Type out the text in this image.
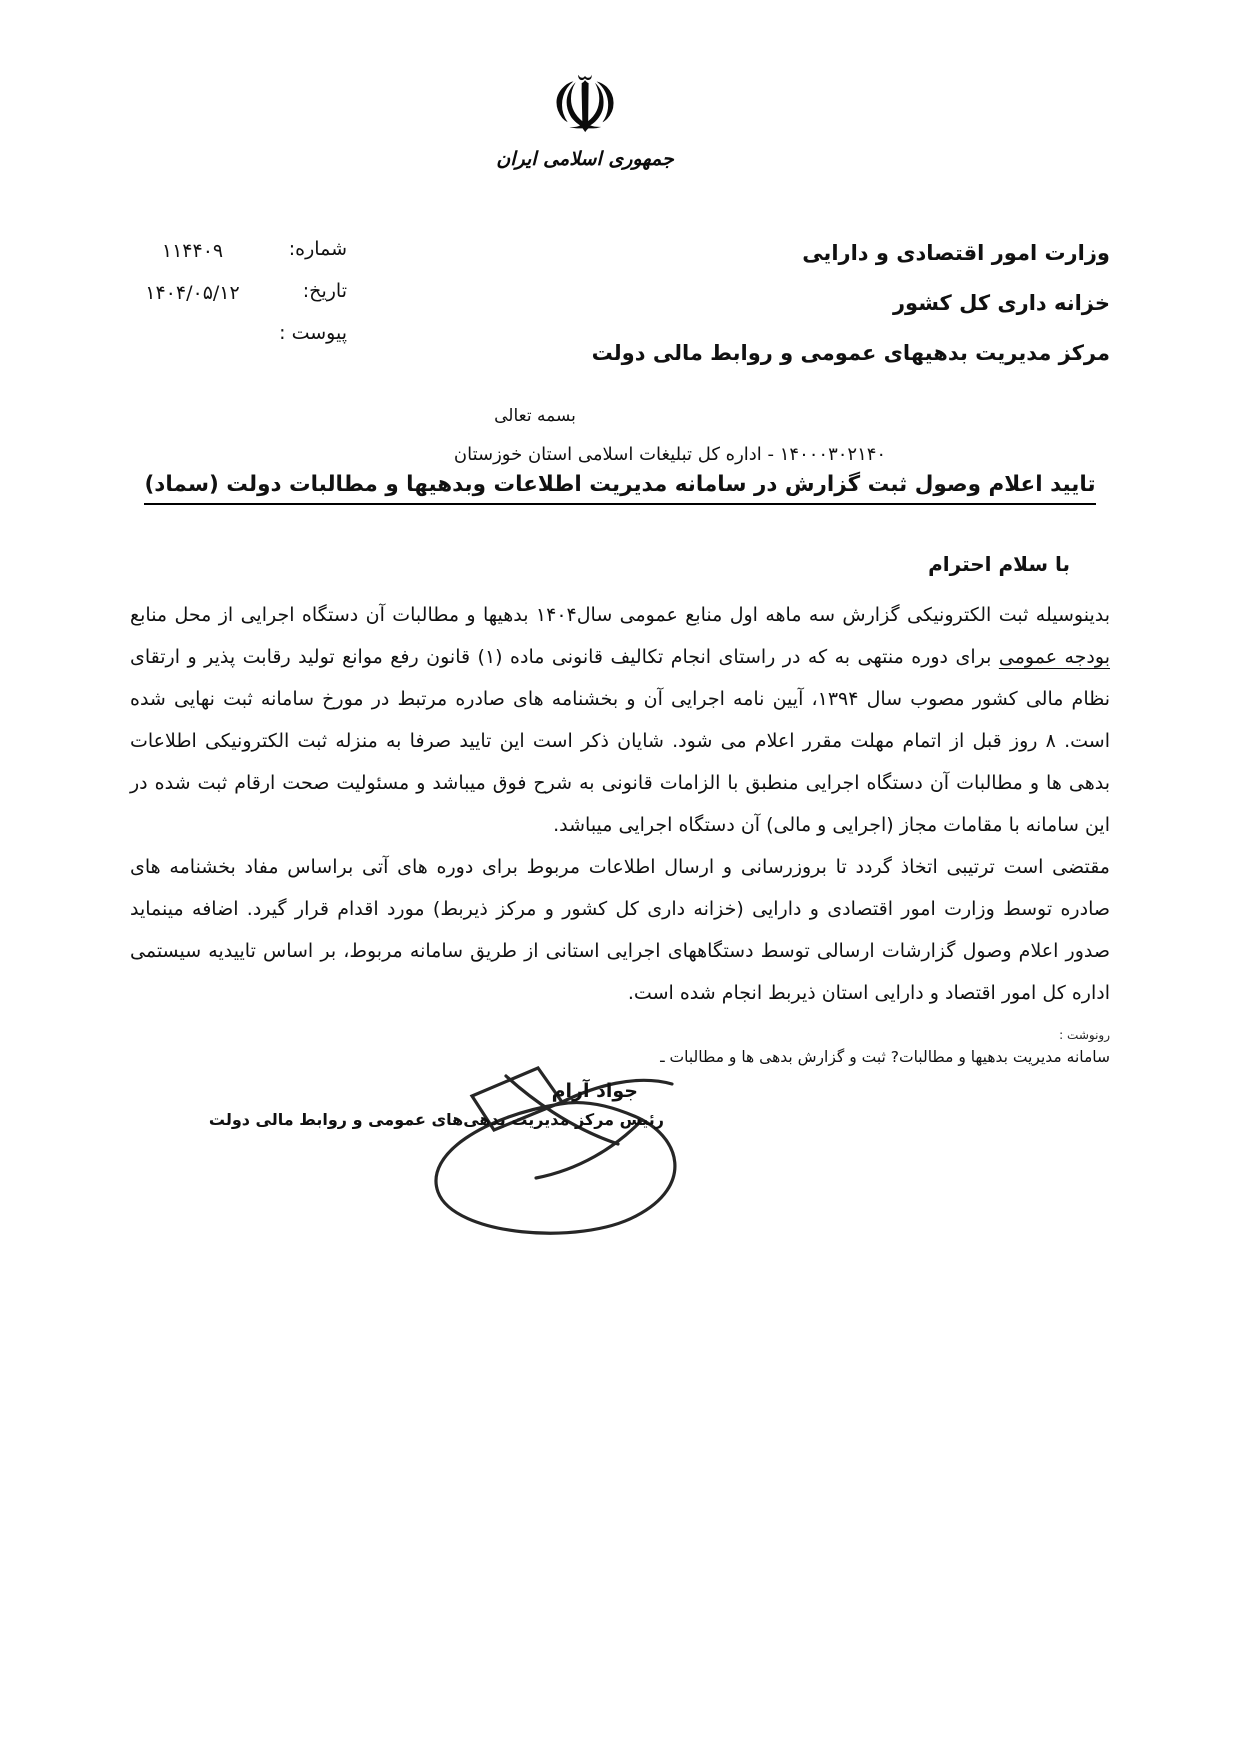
☫
جمهوری اسلامی ایران
وزارت امور اقتصادی و دارایی
خزانه داری کل کشور
مرکز مدیریت بدهیهای عمومی و روابط مالی دولت
شماره:
۱۱۴۴۰۹
تاریخ:
۱۴۰۴/۰۵/۱۲
پیوست :
بسمه تعالی
۱۴۰۰۰۳۰۲۱۴۰ - اداره کل تبلیغات اسلامی استان خوزستان
تایید اعلام وصول ثبت گزارش در سامانه مدیریت اطلاعات وبدهیها و مطالبات دولت (سماد)
با سلام احترام

بدینوسیله ثبت الکترونیکی گزارش سه ماهه اول منابع عمومی سال۱۴۰۴ بدهیها و مطالبات آن دستگاه اجرایی از محل منابع بودجه عمومی برای دوره منتهی به که در راستای انجام تکالیف قانونی ماده (۱) قانون رفع موانع تولید رقابت پذیر و ارتقای نظام مالی کشور مصوب سال ۱۳۹۴، آیین نامه اجرایی آن و بخشنامه های صادره مرتبط در مورخ سامانه ثبت نهایی شده است. ۸ روز قبل از اتمام مهلت مقرر اعلام می شود. شایان ذکر است این تایید صرفا به منزله ثبت الکترونیکی اطلاعات بدهی ها و مطالبات آن دستگاه اجرایی منطبق با الزامات قانونی به شرح فوق میباشد و مسئولیت صحت ارقام ثبت شده در این سامانه با مقامات مجاز (اجرایی و مالی) آن دستگاه اجرایی میباشد.

مقتضی است ترتیبی اتخاذ گردد تا بروزرسانی و ارسال اطلاعات مربوط برای دوره های آتی براساس مفاد بخشنامه های صادره توسط وزارت امور اقتصادی و دارایی (خزانه داری کل کشور و مرکز ذیربط) مورد اقدام قرار گیرد. اضافه مینماید صدور اعلام وصول گزارشات ارسالی توسط دستگاههای اجرایی استانی از طریق سامانه مربوط، بر اساس تاییدیه سیستمی اداره کل امور اقتصاد و دارایی استان ذیربط انجام شده است.

رونوشت :
سامانه مدیریت بدهیها و مطالبات? ثبت و گزارش بدهی ها و مطالبات ـ
جواد آرام
رئیس مرکز مدیریت بدهی‌های عمومی و روابط مالی دولت
